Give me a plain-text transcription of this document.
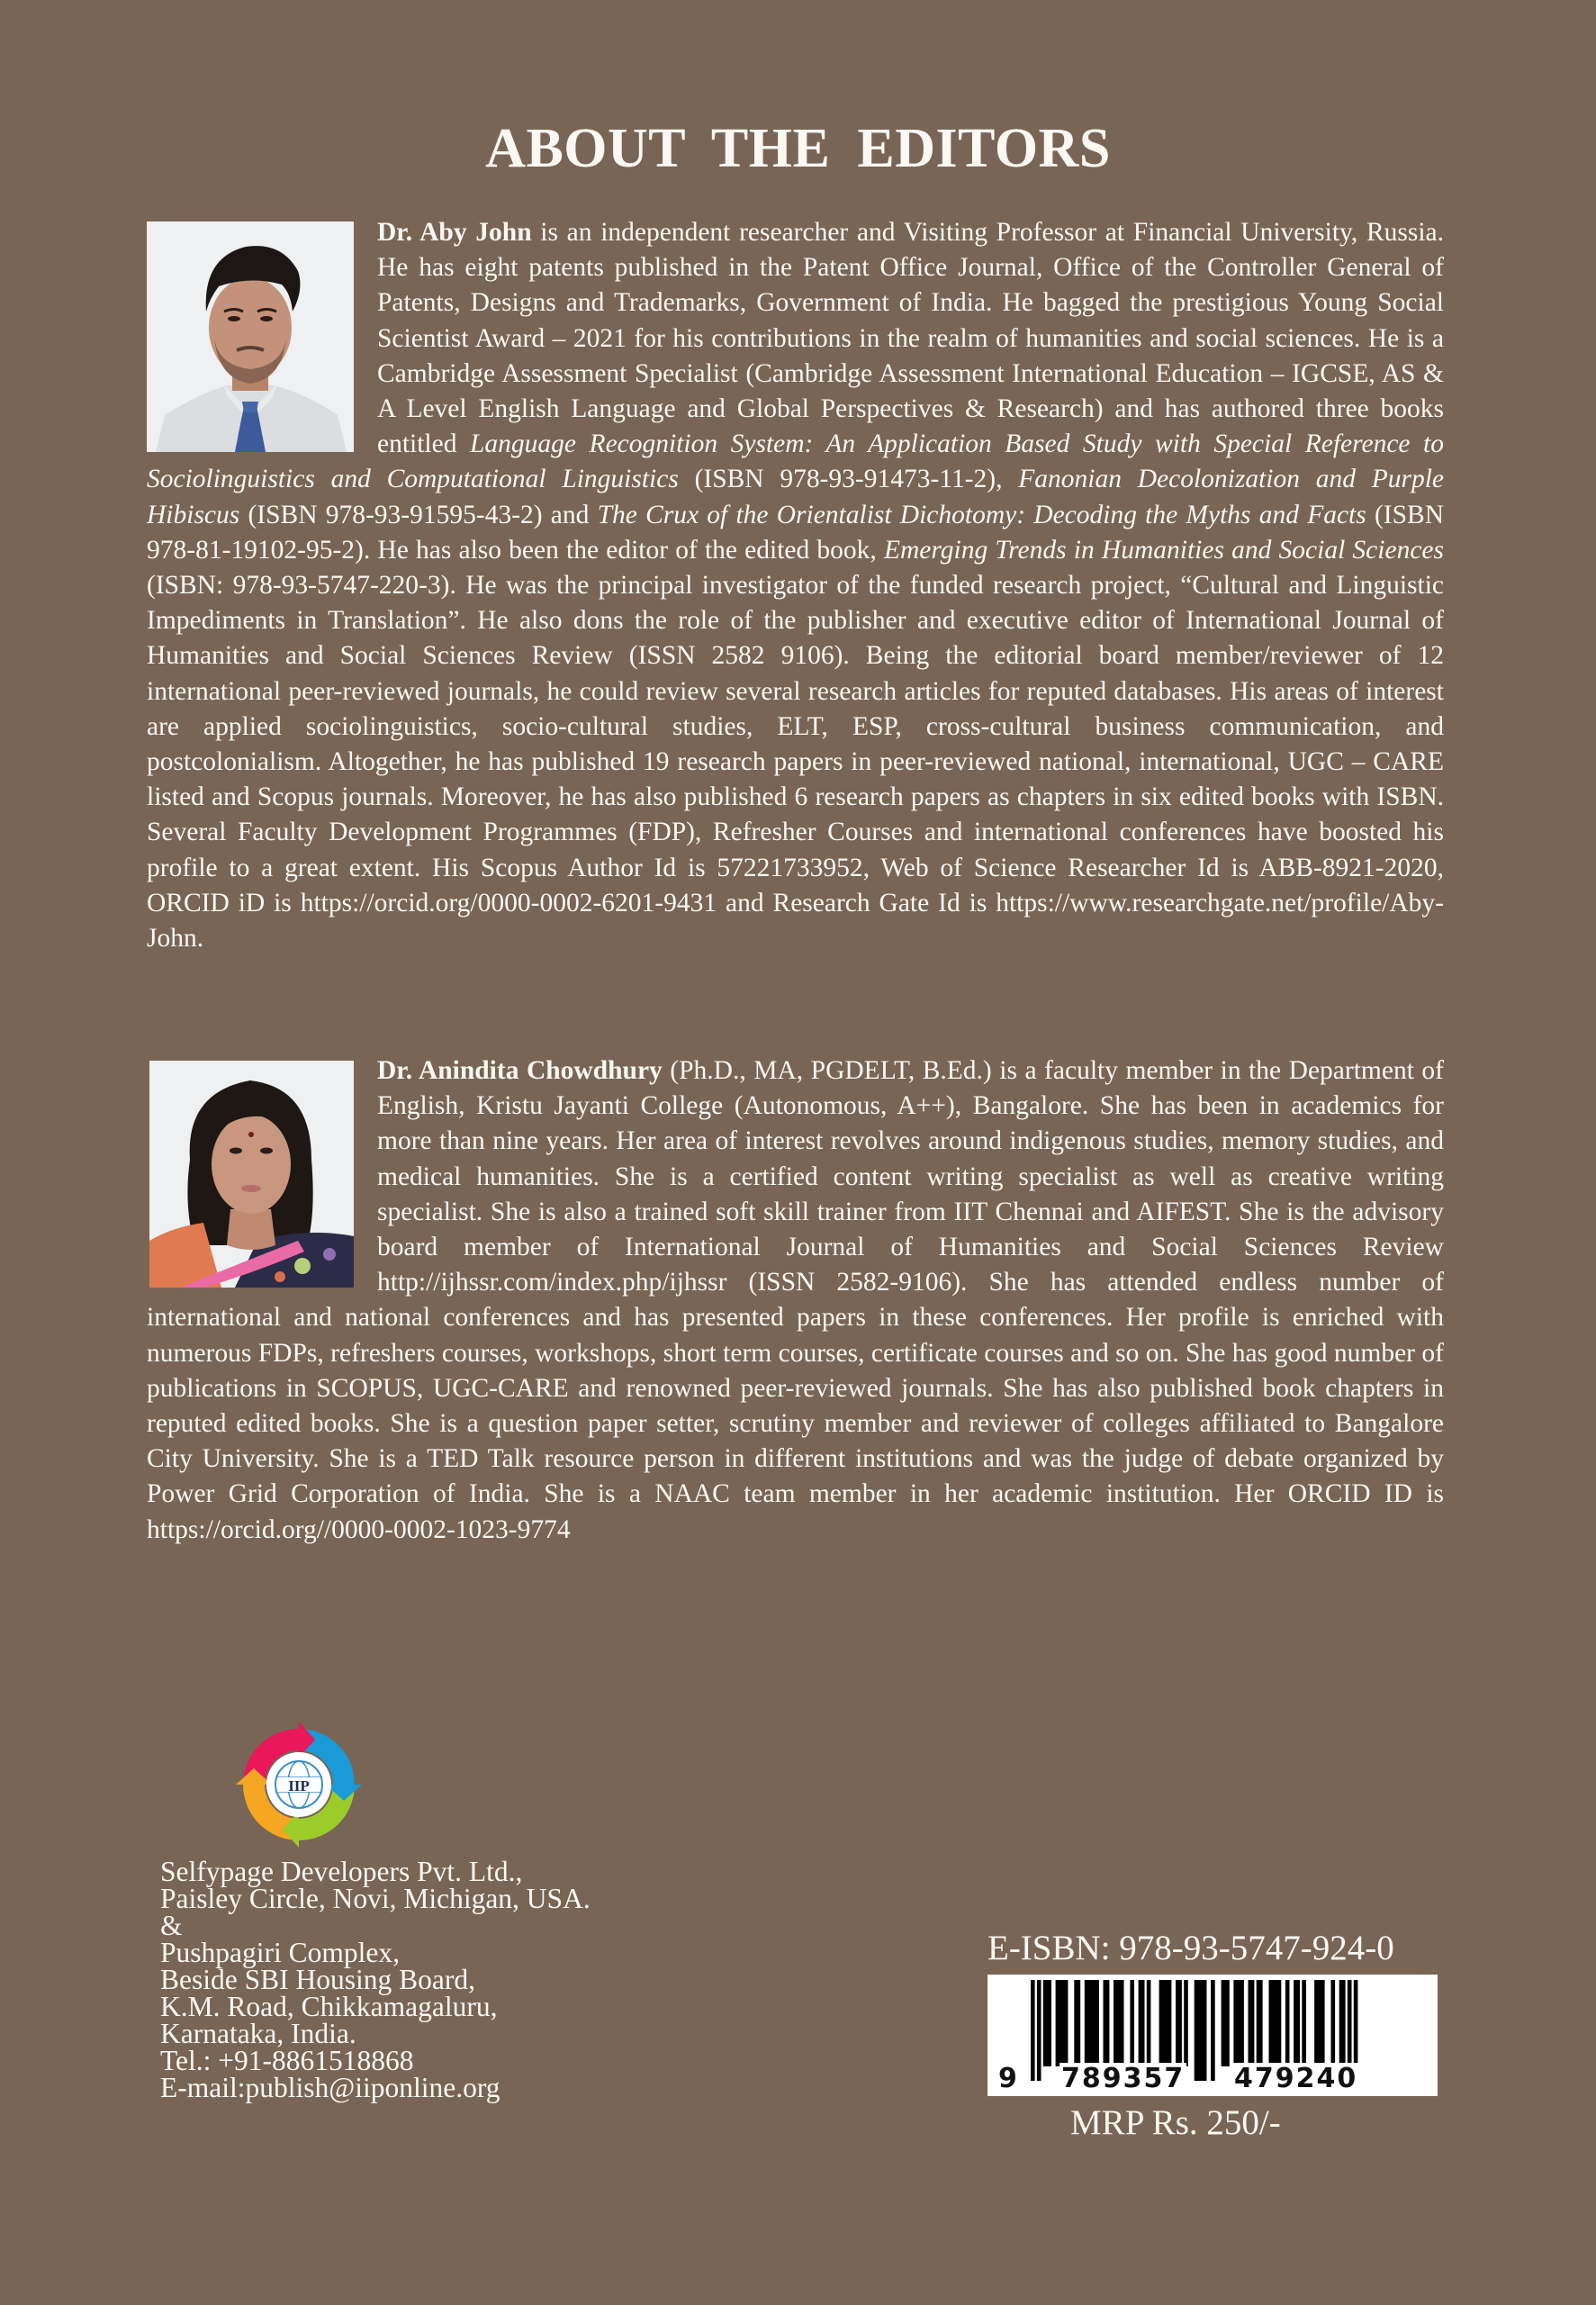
ABOUT THE EDITORS
Dr. Aby John is an independent researcher and Visiting Professor at Financial University, Russia. He has eight patents published in the Patent Office Journal, Office of the Controller General of Patents, Designs and Trademarks, Government of India. He bagged the prestigious Young Social Scientist Award – 2021 for his contributions in the realm of humanities and social sciences. He is a Cambridge Assessment Specialist (Cambridge Assessment International Education – IGCSE, AS & A Level English Language and Global Perspectives & Research) and has authored three books entitled Language Recognition System: An Application Based Study with Special Reference to Sociolinguistics and Computational Linguistics (ISBN 978-93-91473-11-2), Fanonian Decolonization and Purple Hibiscus (ISBN 978-93-91595-43-2) and The Crux of the Orientalist Dichotomy: Decoding the Myths and Facts (ISBN 978-81-19102-95-2). He has also been the editor of the edited book, Emerging Trends in Humanities and Social Sciences (ISBN: 978-93-5747-220-3). He was the principal investigator of the funded research project, “Cultural and Linguistic Impediments in Translation”. He also dons the role of the publisher and executive editor of International Journal of Humanities and Social Sciences Review (ISSN 2582 9106). Being the editorial board member/reviewer of 12 international peer-reviewed journals, he could review several research articles for reputed databases. His areas of interest are applied sociolinguistics, socio-cultural studies, ELT, ESP, cross-cultural business communication, and postcolonialism. Altogether, he has published 19 research papers in peer-reviewed national, international, UGC – CARE listed and Scopus journals. Moreover, he has also published 6 research papers as chapters in six edited books with ISBN. Several Faculty Development Programmes (FDP), Refresher Courses and international conferences have boosted his profile to a great extent. His Scopus Author Id is 57221733952, Web of Science Researcher Id is ABB-8921-2020, ORCID iD is https://orcid.org/0000-0002-6201-9431 and Research Gate Id is https://www.researchgate.net/profile/Aby-John.
Dr. Anindita Chowdhury (Ph.D., MA, PGDELT, B.Ed.) is a faculty member in the Department of English, Kristu Jayanti College (Autonomous, A++), Bangalore. She has been in academics for more than nine years. Her area of interest revolves around indigenous studies, memory studies, and medical humanities. She is a certified content writing specialist as well as creative writing specialist. She is also a trained soft skill trainer from IIT Chennai and AIFEST. She is the advisory board member of International Journal of Humanities and Social Sciences Review http://ijhssr.com/index.php/ijhssr (ISSN 2582-9106). She has attended endless number of international and national conferences and has presented papers in these conferences. Her profile is enriched with numerous FDPs, refreshers courses, workshops, short term courses, certificate courses and so on. She has good number of publications in SCOPUS, UGC-CARE and renowned peer-reviewed journals. She has also published book chapters in reputed edited books. She is a question paper setter, scrutiny member and reviewer of colleges affiliated to Bangalore City University. She is a TED Talk resource person in different institutions and was the judge of debate organized by Power Grid Corporation of India. She is a NAAC team member in her academic institution. Her ORCID ID is https://orcid.org//0000-0002-1023-9774
IIP
Selfypage Developers Pvt. Ltd.,
Paisley Circle, Novi, Michigan, USA.
&
Pushpagiri Complex,
Beside SBI Housing Board,
K.M. Road, Chikkamagaluru,
Karnataka, India.
Tel.: +91-8861518868
E-mail:publish@iiponline.org
E-ISBN: 978-93-5747-924-0
9 789357 479240
MRP Rs. 250/-
